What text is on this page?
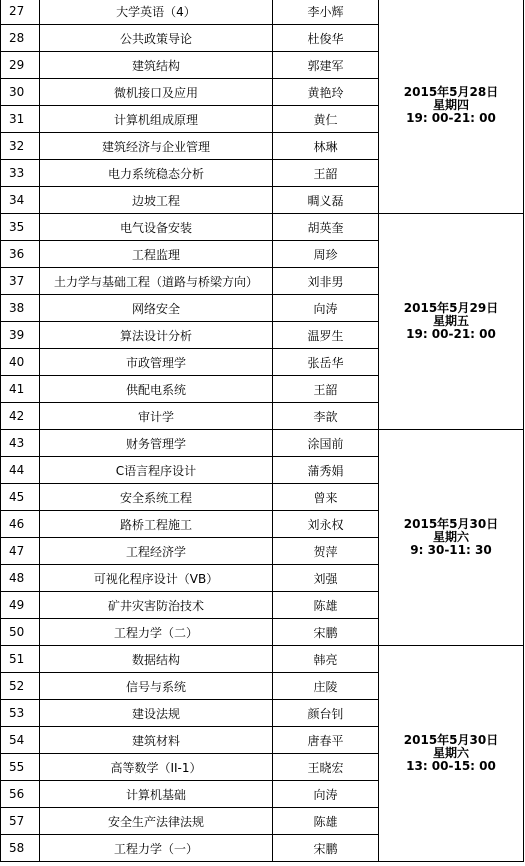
27	大学英语（4）	李小辉	2015年5月28日
星期四
19: 00-21: 00

28	公共政策导论	杜俊华	
29	建筑结构	郭建军	
30	微机接口及应用	黄艳玲	
31	计算机组成原理	黄仁	
32	建筑经济与企业管理	林琳	
33	电力系统稳态分析	王韶	
34	边坡工程	晭义磊	
35	电气设备安装	胡英奎	2015年5月29日
星期五
19: 00-21: 00

36	工程监理	周珍	
37	土力学与基础工程（道路与桥梁方向）	刘非男	
38	网络安全	向涛	
39	算法设计分析	温罗生	
40	市政管理学	张岳华	
41	供配电系统	王韶	
42	审计学	李歆	
43	财务管理学	涂国前	2015年5月30日
星期六
9: 30-11: 30

44	C语言程序设计	蒲秀娟	
45	安全系统工程	曾来	
46	路桥工程施工	刘永权	
47	工程经济学	贺萍	
48	可视化程序设计（VB）	刘强	
49	矿井灾害防治技术	陈雄	
50	工程力学（二）	宋鹏	
51	数据结构	韩亮	2015年5月30日
星期六
13: 00-15: 00

52	信号与系统	庄陵	
53	建设法规	颜台钊	
54	建筑材料	唐春平	
55	高等数学（II-1）	王晓宏	
56	计算机基础	向涛	
57	安全生产法律法规	陈雄	
58	工程力学（一）	宋鹏	
